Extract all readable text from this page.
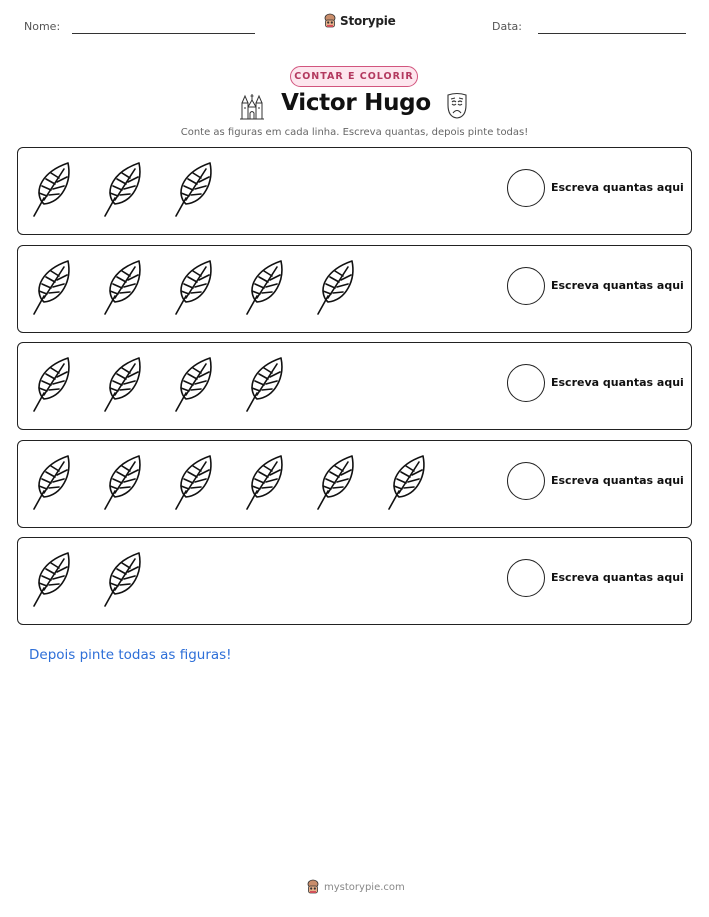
Nome:	Storypie	Data:
CONTAR E COLORIR
Victor Hugo
Conte as figuras em cada linha. Escreva quantas, depois pinte todas!
Escreva quantas aqui
Escreva quantas aqui
Escreva quantas aqui
Escreva quantas aqui
Escreva quantas aqui
Depois pinte todas as figuras!
mystorypie.com
